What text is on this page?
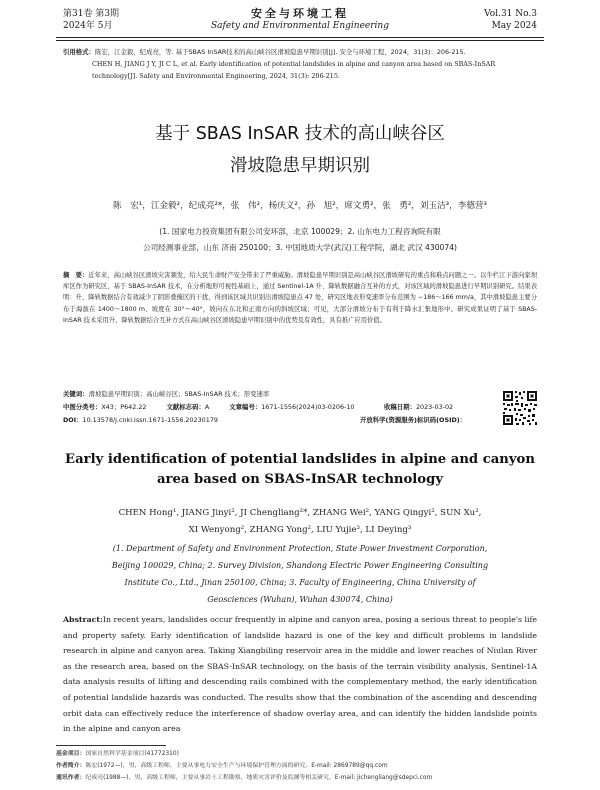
第31卷 第3期
2024年 5月
安全与环境工程
Safety and Environmental Engineering
Vol.31 No.3
May 2024
引用格式：陈宏，江金毅，纪成亮，等. 基于SBAS InSAR技术的高山峡谷区滑坡隐患早期识别[J]. 安全与环境工程，2024，31(3)：206-215.
CHEN H, JIANG J Y, JI C L, et al. Early identification of potential landslides in alpine and canyon area based on SBAS-InSAR technology[J]. Safety and Environmental Engineering, 2024, 31(3): 206-215.
基于 SBAS InSAR 技术的高山峡谷区
滑坡隐患早期识别
陈　宏¹，江金毅²，纪成亮²*，张　伟²，杨庆义²，孙　旭²，席文勇²，张　勇²，刘玉洁³，李德营³
(1. 国家电力投资集团有限公司安环部，北京 100029；2. 山东电力工程咨询院有限
公司经测事业部，山东 济南 250100；3. 中国地质大学(武汉)工程学院，湖北 武汉 430074)
摘　要：近年来，高山峡谷区滑坡灾害频发，给人民生命财产安全带来了严重威胁。滑坡隐患早期识别是高山峡谷区滑坡研究的重点和难点问题之一。以牛栏江下游向家坝库区作为研究区，基于 SBAS-InSAR 技术，在分析地形可视性基础上，通过 Sentinel-1A 升、降轨数据融合互补的方式，对该区域的滑坡隐患进行早期识别研究。结果表明：升、降轨数据结合有效减少了阴影叠掩区的干扰，得到该区域共识别出滑坡隐患点 47 处，研究区地表形变速率分布范围为 −186～166 mm/a，其中滑坡隐患主要分布于海拔在 1400～1800 m、坡度在 30°～40°，坡向在东北和正南方向的斜坡区域；可见，大部分滑坡分布于有利于降水汇集地形中。研究成果证明了基于 SBAS-InSAR 技术采用升、降轨数据结合互补方式在高山峡谷区滑坡隐患早期识别中的优势及有效性，具有推广应用价值。
关键词：滑坡隐患早期识别；高山峡谷区；SBAS-InSAR 技术；形变速率
中图分类号：X43；P642.22	文献标志码：A	文章编号：1671-1556(2024)03-0206-10	收稿日期：2023-03-02
DOI：10.13578/j.cnki.issn.1671-1556.20230179	开放科学(资源服务)标识码(OSID)：
Early identification of potential landslides in alpine and canyon
area based on SBAS-InSAR technology
CHEN Hong¹, JIANG Jinyi², JI Chengliang²*, ZHANG Wei², YANG Qingyi², SUN Xu²,
XI Wenyong², ZHANG Yong², LIU Yujie³, LI Deying³
(1. Department of Safety and Environment Protection, State Power Investment Corporation,
Beijing 100029, China; 2. Survey Division, Shandong Electric Power Engineering Consulting
Institute Co., Ltd., Jinan 250100, China; 3. Faculty of Engineering, China University of
Geosciences (Wuhan), Wuhan 430074, China)
Abstract:In recent years, landslides occur frequently in alpine and canyon area, posing a serious threat to people's life and property safety. Early identification of landslide hazard is one of the key and difficult problems in landslide research in alpine and canyon area. Taking Xiangbiling reservoir area in the middle and lower reaches of Niulan River as the research area, based on the SBAS-InSAR technology, on the basis of the terrain visibility analysis, Sentinel-1A data analysis results of lifting and descending rails combined with the complementary method, the early identification of potential landslide hazards was conducted. The results show that the combination of the ascending and descending orbit data can effectively reduce the interference of shadow overlay area, and can identify the hidden landslide points in the alpine and canyon area
基金项目：国家自然科学基金项目(41772310)
作者简介：陈宏(1972—)，男，高级工程师，主要从事电力安全生产与环境保护管理方面的研究。E-mail: 2869789@qq.com
通讯作者：纪成亮(1988—)，男，高级工程师，主要从事岩土工程勘察、地质灾害评价及监测等相关研究。E-mail: jichengliang@sdepci.com
